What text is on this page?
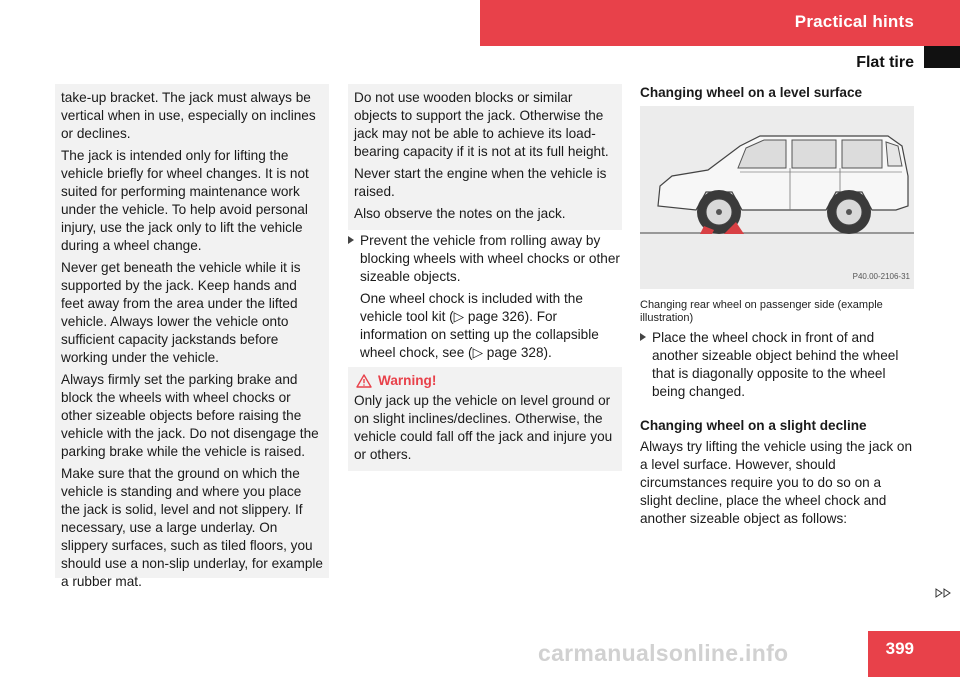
Practical hints
Flat tire

take-up bracket. The jack must always be vertical when in use, especially on inclines or declines.

The jack is intended only for lifting the vehicle briefly for wheel changes. It is not suited for performing maintenance work under the vehicle. To help avoid personal injury, use the jack only to lift the vehicle during a wheel change.

Never get beneath the vehicle while it is supported by the jack. Keep hands and feet away from the area under the lifted vehicle. Always lower the vehicle onto sufficient capacity jackstands before working under the vehicle.

Always firmly set the parking brake and block the wheels with wheel chocks or other sizeable objects before raising the vehicle with the jack. Do not disengage the parking brake while the vehicle is raised.

Make sure that the ground on which the vehicle is standing and where you place the jack is solid, level and not slippery. If necessary, use a large underlay. On slippery surfaces, such as tiled floors, you should use a non-slip underlay, for example a rubber mat.

Do not use wooden blocks or similar objects to support the jack. Otherwise the jack may not be able to achieve its load-bearing capacity if it is not at its full height.

Never start the engine when the vehicle is raised.

Also observe the notes on the jack.

Prevent the vehicle from rolling away by blocking wheels with wheel chocks or other sizeable objects.

One wheel chock is included with the vehicle tool kit (▷ page 326). For information on setting up the collapsible wheel chock, see (▷ page 328).

Warning!

Only jack up the vehicle on level ground or on slight inclines/declines. Otherwise, the vehicle could fall off the jack and injure you or others.

Changing wheel on a level surface

P40.00-2106-31

Changing rear wheel on passenger side (example illustration)

Place the wheel chock in front of and another sizeable object behind the wheel that is diagonally opposite to the wheel being changed.

Changing wheel on a slight decline

Always try lifting the vehicle using the jack on a level surface. However, should circumstances require you to do so on a slight decline, place the wheel chock and another sizeable object as follows:

carmanualsonline.info	399
